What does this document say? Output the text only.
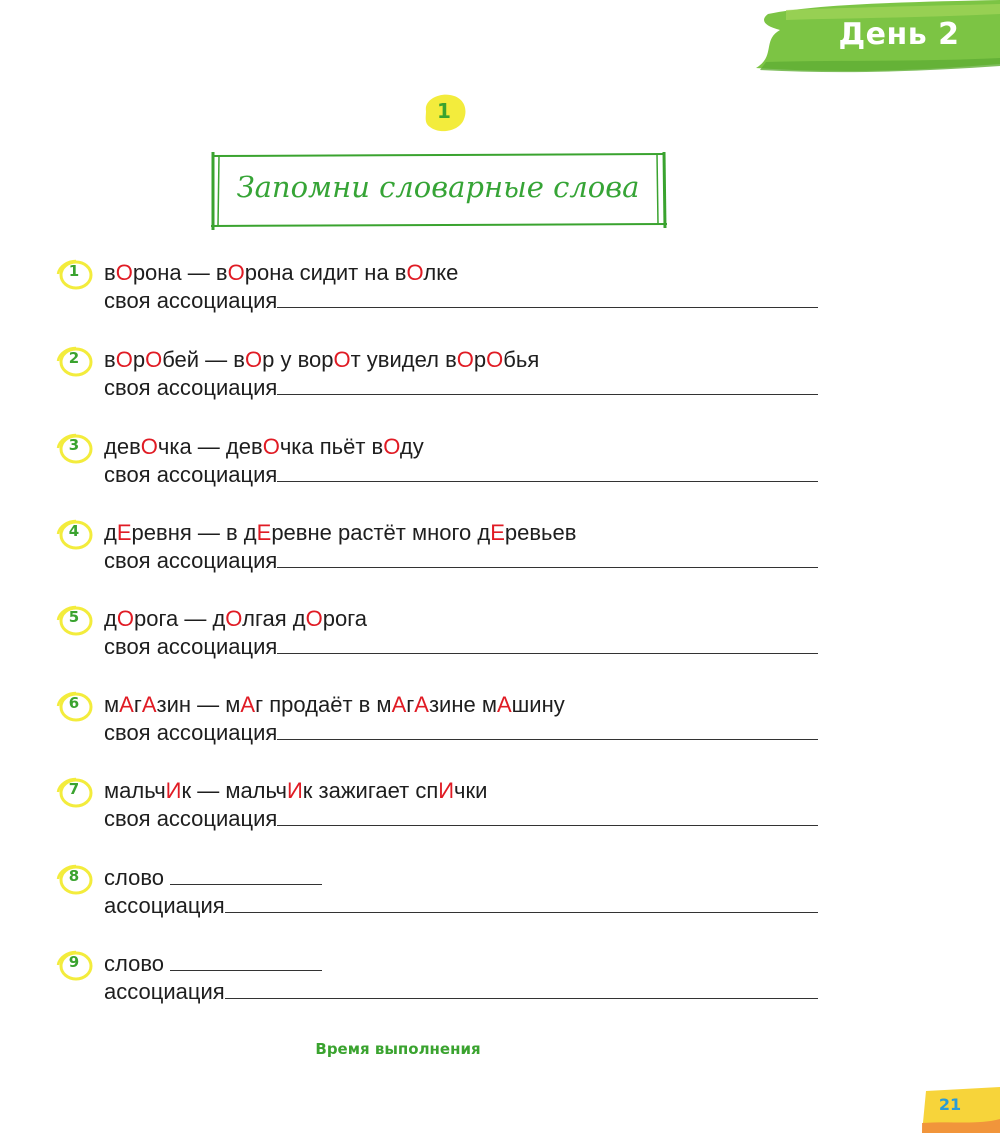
День 2
1
Запомни словарные слова
1	вОрона — вОрона сидит на вОлке
своя ассоциация
2	вОрОбей — вОр у ворОт увидел вОрОбья
своя ассоциация
3	девОчка — девОчка пьёт вОду
своя ассоциация
4	дЕревня — в дЕревне растёт много дЕревьев
своя ассоциация
5	дОрога — дОлгая дОрога
своя ассоциация
6	мАгАзин — мАг продаёт в мАгАзине мАшину
своя ассоциация
7	мальчИк — мальчИк зажигает спИчки
своя ассоциация
8	слово
ассоциация
9	слово
ассоциация
Время выполнения
21
